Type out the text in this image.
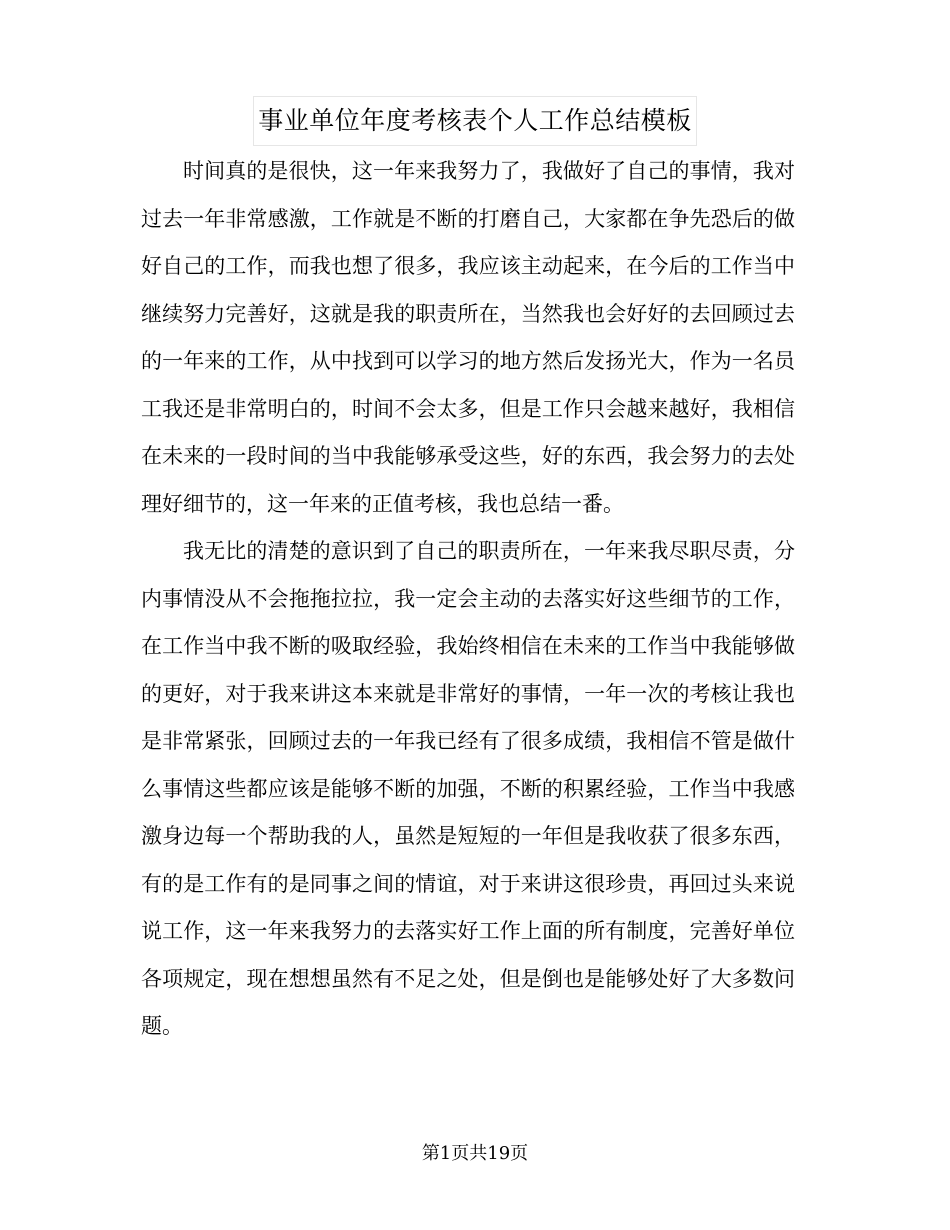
事业单位年度考核表个人工作总结模板

时间真的是很快，这一年来我努力了，我做好了自己的事情，我对过去一年非常感激，工作就是不断的打磨自己，大家都在争先恐后的做好自己的工作，而我也想了很多，我应该主动起来，在今后的工作当中继续努力完善好，这就是我的职责所在，当然我也会好好的去回顾过去的一年来的工作，从中找到可以学习的地方然后发扬光大，作为一名员工我还是非常明白的，时间不会太多，但是工作只会越来越好，我相信在未来的一段时间的当中我能够承受这些，好的东西，我会努力的去处理好细节的，这一年来的正值考核，我也总结一番。

我无比的清楚的意识到了自己的职责所在，一年来我尽职尽责，分内事情没从不会拖拖拉拉，我一定会主动的去落实好这些细节的工作，在工作当中我不断的吸取经验，我始终相信在未来的工作当中我能够做的更好，对于我来讲这本来就是非常好的事情，一年一次的考核让我也是非常紧张，回顾过去的一年我已经有了很多成绩，我相信不管是做什么事情这些都应该是能够不断的加强，不断的积累经验，工作当中我感激身边每一个帮助我的人，虽然是短短的一年但是我收获了很多东西，有的是工作有的是同事之间的情谊，对于来讲这很珍贵，再回过头来说说工作，这一年来我努力的去落实好工作上面的所有制度，完善好单位各项规定，现在想想虽然有不足之处，但是倒也是能够处好了大多数问题。

第1页共19页
